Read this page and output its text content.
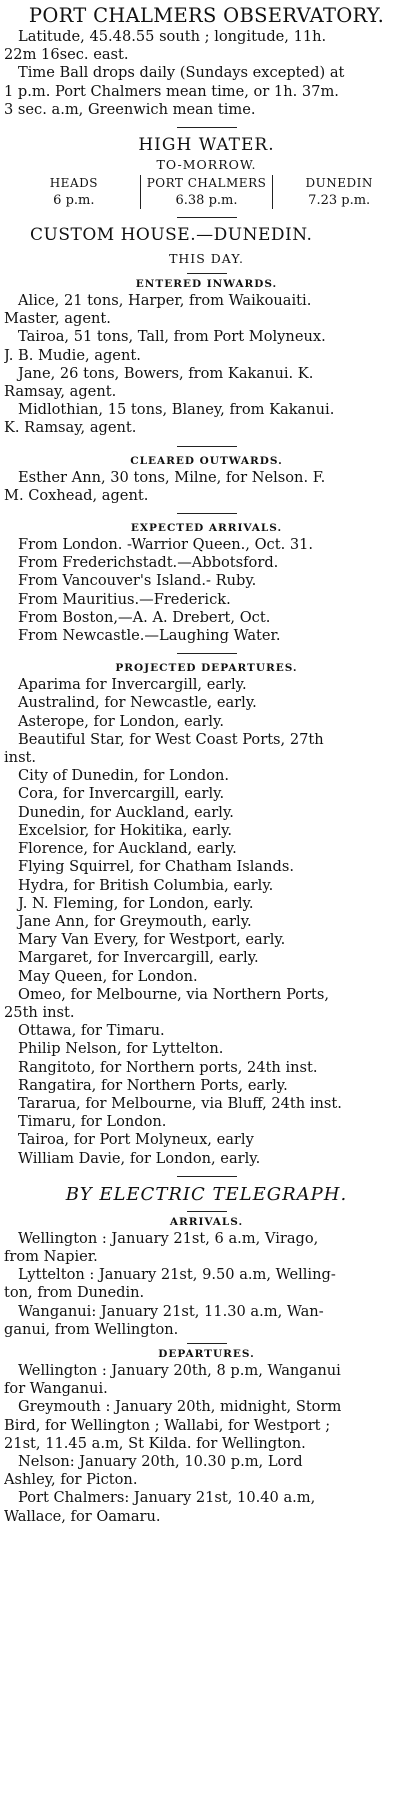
PORT CHALMERS OBSERVATORY.
Latitude, 45.48.55 south ; longitude, 11h.
22m 16sec. east.
Time Ball drops daily (Sundays excepted) at
1 p.m. Port Chalmers mean time, or 1h. 37m.
3 sec. a.m, Greenwich mean time.
HIGH WATER.
TO-MORROW.
HEADS
6 p.m.
PORT CHALMERS
6.38 p.m.
DUNEDIN
7.23 p.m.
CUSTOM HOUSE.—DUNEDIN.
THIS DAY.
ENTERED INWARDS.
Alice, 21 tons, Harper, from Waikouaiti.
Master, agent.
Tairoa, 51 tons, Tall, from Port Molyneux.
J. B. Mudie, agent.
Jane, 26 tons, Bowers, from Kakanui. K.
Ramsay, agent.
Midlothian, 15 tons, Blaney, from Kakanui.
K. Ramsay, agent.
CLEARED OUTWARDS.
Esther Ann, 30 tons, Milne, for Nelson. F.
M. Coxhead, agent.
EXPECTED ARRIVALS.
From London. -Warrior Queen., Oct. 31.
From Frederichstadt.—Abbotsford.
From Vancouver's Island.- Ruby.
From Mauritius.—Frederick.
From Boston,—A. A. Drebert, Oct.
From Newcastle.—Laughing Water.
PROJECTED DEPARTURES.
Aparima for Invercargill, early.
Australind, for Newcastle, early.
Asterope, for London, early.
Beautiful Star, for West Coast Ports, 27th
inst.
City of Dunedin, for London.
Cora, for Invercargill, early.
Dunedin, for Auckland, early.
Excelsior, for Hokitika, early.
Florence, for Auckland, early.
Flying Squirrel, for Chatham Islands.
Hydra, for British Columbia, early.
J. N. Fleming, for London, early.
Jane Ann, for Greymouth, early.
Mary Van Every, for Westport, early.
Margaret, for Invercargill, early.
May Queen, for London.
Omeo, for Melbourne, via Northern Ports,
25th inst.
Ottawa, for Timaru.
Philip Nelson, for Lyttelton.
Rangitoto, for Northern ports, 24th inst.
Rangatira, for Northern Ports, early.
Tararua, for Melbourne, via Bluff, 24th inst.
Timaru, for London.
Tairoa, for Port Molyneux, early
William Davie, for London, early.
BY ELECTRIC TELEGRAPH.
ARRIVALS.
Wellington : January 21st, 6 a.m, Virago,
from Napier.
Lyttelton : January 21st, 9.50 a.m, Welling-
ton, from Dunedin.
Wanganui: January 21st, 11.30 a.m, Wan-
ganui, from Wellington.
DEPARTURES.
Wellington : January 20th, 8 p.m, Wanganui
for Wanganui.
Greymouth : January 20th, midnight, Storm
Bird, for Wellington ; Wallabi, for Westport ;
21st, 11.45 a.m, St Kilda. for Wellington.
Nelson: January 20th, 10.30 p.m, Lord
Ashley, for Picton.
Port Chalmers: January 21st, 10.40 a.m,
Wallace, for Oamaru.
